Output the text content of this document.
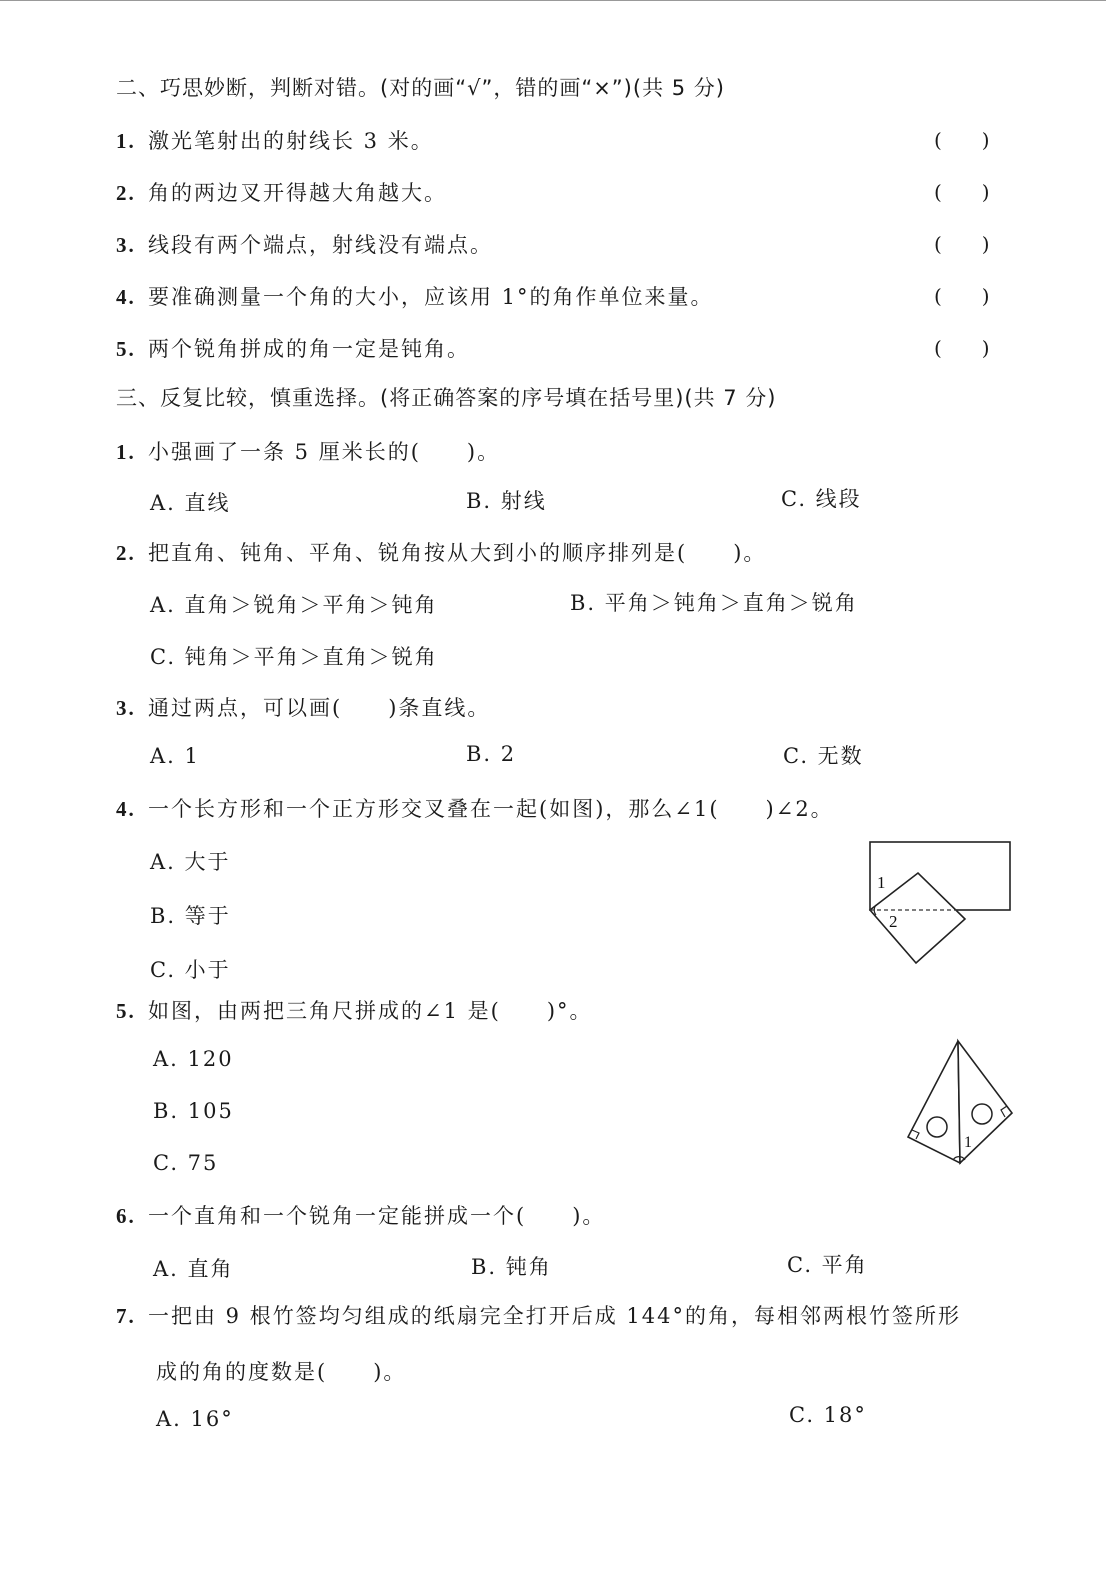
二、巧思妙断，判断对错。(对的画“√”，错的画“×”)(共 5 分)
1. 激光笔射出的射线长 3 米。	(　　)
2. 角的两边叉开得越大角越大。	(　　)
3. 线段有两个端点，射线没有端点。	(　　)
4. 要准确测量一个角的大小，应该用 1°的角作单位来量。	(　　)
5. 两个锐角拼成的角一定是钝角。	(　　)
三、反复比较，慎重选择。(将正确答案的序号填在括号里)(共 7 分)
1. 小强画了一条 5 厘米长的(　　)。
A. 直线	B. 射线	C. 线段
2. 把直角、钝角、平角、锐角按从大到小的顺序排列是(　　)。
A. 直角＞锐角＞平角＞钝角	B. 平角＞钝角＞直角＞锐角
C. 钝角＞平角＞直角＞锐角
3. 通过两点，可以画(　　)条直线。
A. 1	B. 2	C. 无数
4. 一个长方形和一个正方形交叉叠在一起(如图)，那么∠1(　　)∠2。
A. 大于
B. 等于
C. 小于
1
2
5. 如图，由两把三角尺拼成的∠1 是(　　)°。
A. 120
B. 105
C. 75
1
6. 一个直角和一个锐角一定能拼成一个(　　)。
A. 直角	B. 钝角	C. 平角
7. 一把由 9 根竹签均匀组成的纸扇完全打开后成 144°的角，每相邻两根竹签所形
成的角的度数是(　　)。
A. 16°	C. 18°
